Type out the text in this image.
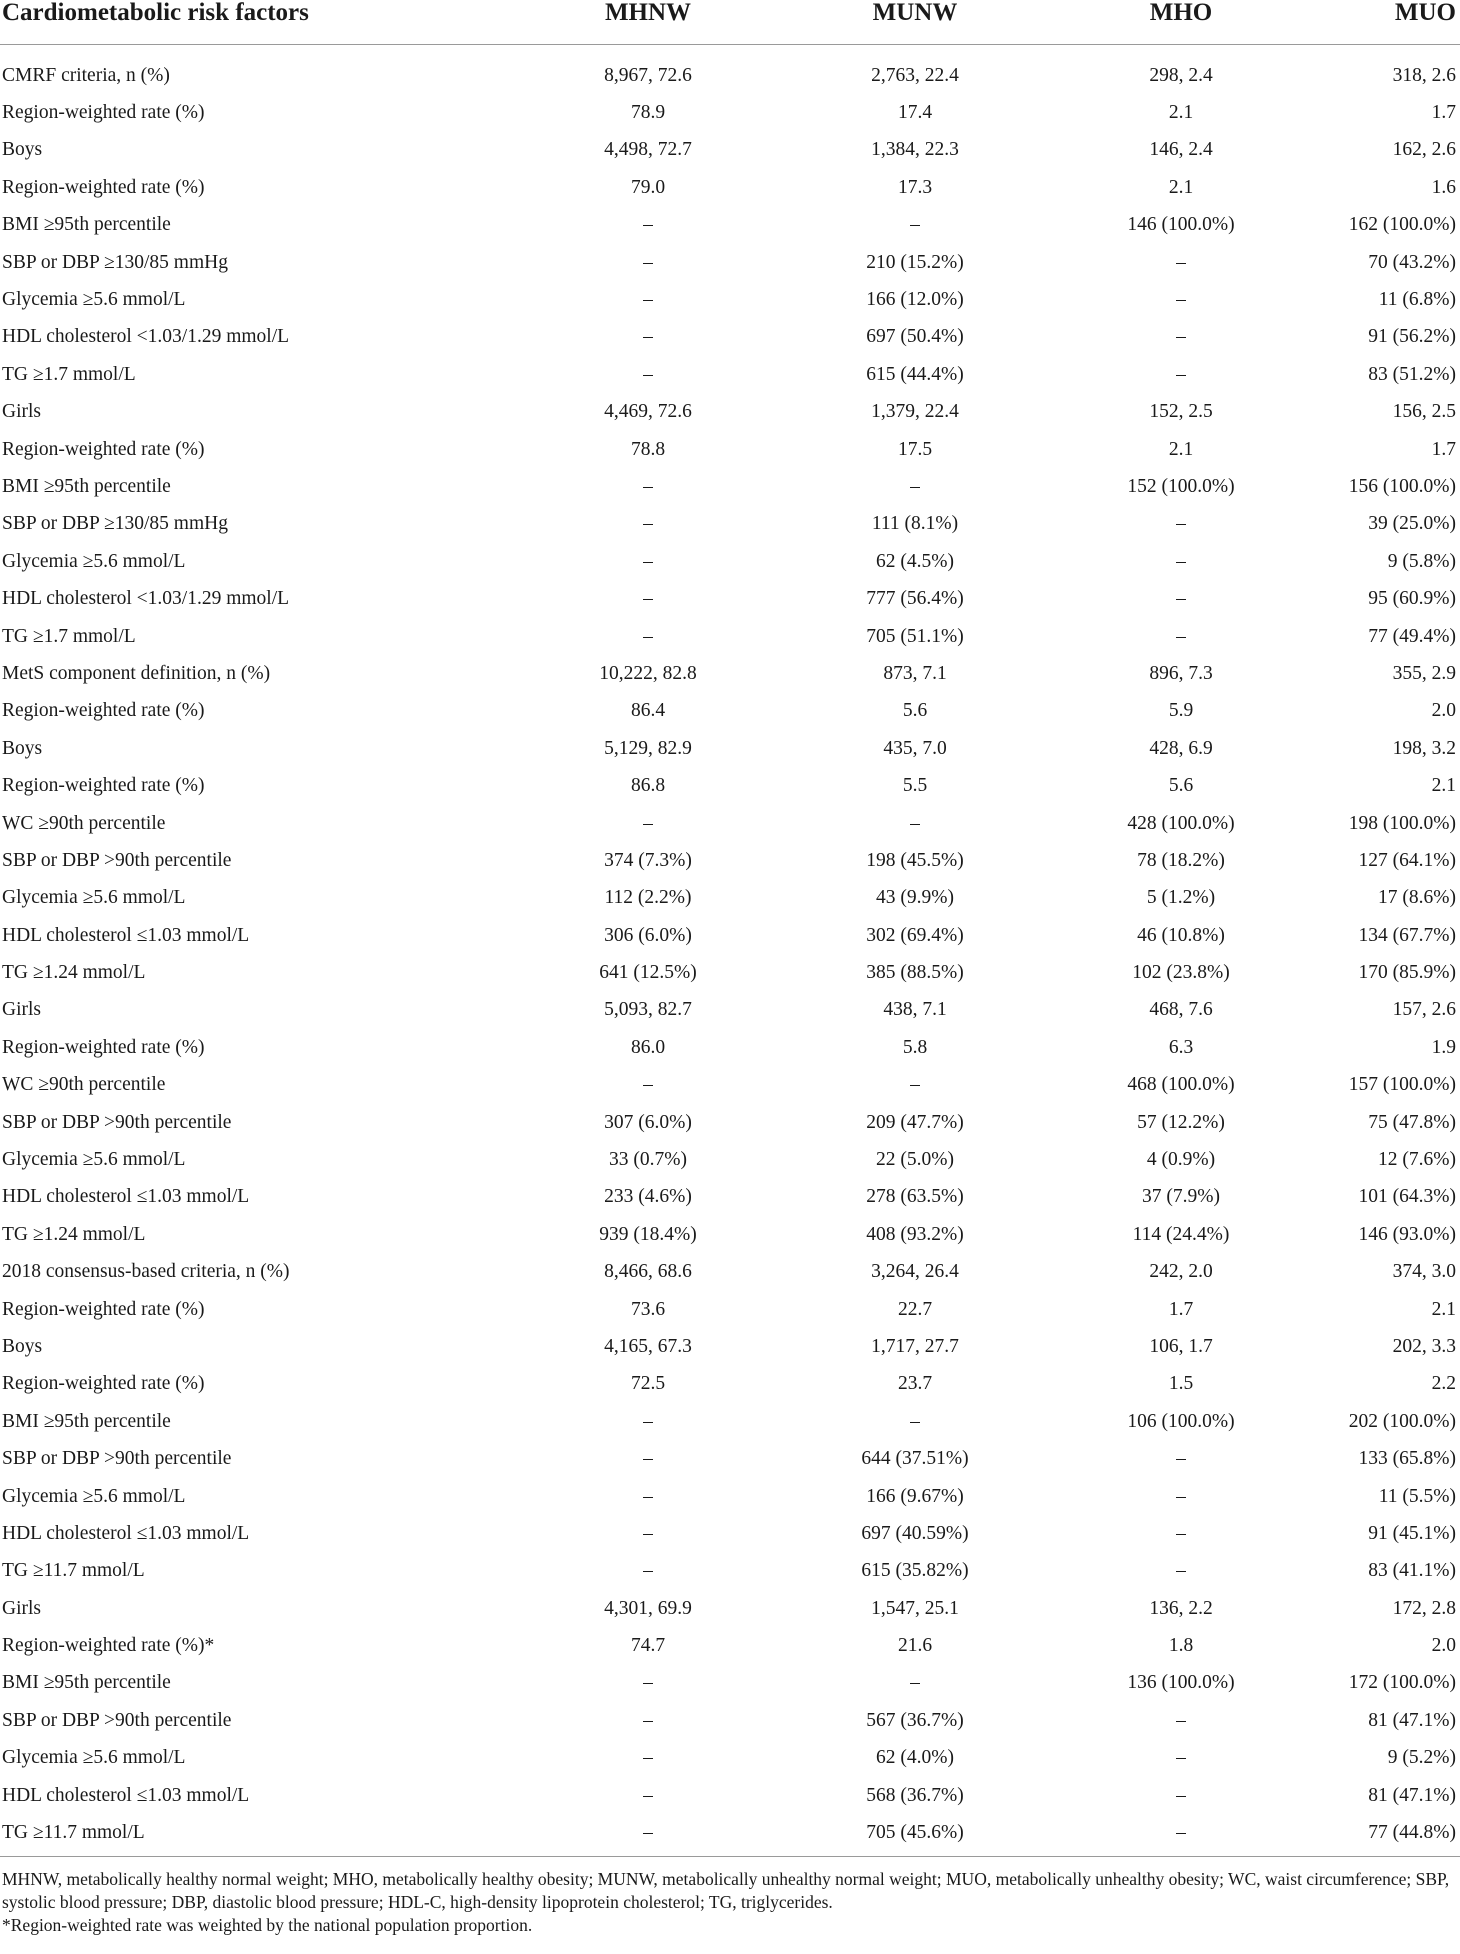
Cardiometabolic risk factors	MHNW	MUNW	MHO	MUO
CMRF criteria, n (%)	8,967, 72.6	2,763, 22.4	298, 2.4	318, 2.6
Region-weighted rate (%)	78.9	17.4	2.1	1.7
Boys	4,498, 72.7	1,384, 22.3	146, 2.4	162, 2.6
Region-weighted rate (%)	79.0	17.3	2.1	1.6
BMI ≥95th percentile	–	–	146 (100.0%)	162 (100.0%)
SBP or DBP ≥130/85 mmHg	–	210 (15.2%)	–	70 (43.2%)
Glycemia ≥5.6 mmol/L	–	166 (12.0%)	–	11 (6.8%)
HDL cholesterol <1.03/1.29 mmol/L	–	697 (50.4%)	–	91 (56.2%)
TG ≥1.7 mmol/L	–	615 (44.4%)	–	83 (51.2%)
Girls	4,469, 72.6	1,379, 22.4	152, 2.5	156, 2.5
Region-weighted rate (%)	78.8	17.5	2.1	1.7
BMI ≥95th percentile	–	–	152 (100.0%)	156 (100.0%)
SBP or DBP ≥130/85 mmHg	–	111 (8.1%)	–	39 (25.0%)
Glycemia ≥5.6 mmol/L	–	62 (4.5%)	–	9 (5.8%)
HDL cholesterol <1.03/1.29 mmol/L	–	777 (56.4%)	–	95 (60.9%)
TG ≥1.7 mmol/L	–	705 (51.1%)	–	77 (49.4%)
MetS component definition, n (%)	10,222, 82.8	873, 7.1	896, 7.3	355, 2.9
Region-weighted rate (%)	86.4	5.6	5.9	2.0
Boys	5,129, 82.9	435, 7.0	428, 6.9	198, 3.2
Region-weighted rate (%)	86.8	5.5	5.6	2.1
WC ≥90th percentile	–	–	428 (100.0%)	198 (100.0%)
SBP or DBP >90th percentile	374 (7.3%)	198 (45.5%)	78 (18.2%)	127 (64.1%)
Glycemia ≥5.6 mmol/L	112 (2.2%)	43 (9.9%)	5 (1.2%)	17 (8.6%)
HDL cholesterol ≤1.03 mmol/L	306 (6.0%)	302 (69.4%)	46 (10.8%)	134 (67.7%)
TG ≥1.24 mmol/L	641 (12.5%)	385 (88.5%)	102 (23.8%)	170 (85.9%)
Girls	5,093, 82.7	438, 7.1	468, 7.6	157, 2.6
Region-weighted rate (%)	86.0	5.8	6.3	1.9
WC ≥90th percentile	–	–	468 (100.0%)	157 (100.0%)
SBP or DBP >90th percentile	307 (6.0%)	209 (47.7%)	57 (12.2%)	75 (47.8%)
Glycemia ≥5.6 mmol/L	33 (0.7%)	22 (5.0%)	4 (0.9%)	12 (7.6%)
HDL cholesterol ≤1.03 mmol/L	233 (4.6%)	278 (63.5%)	37 (7.9%)	101 (64.3%)
TG ≥1.24 mmol/L	939 (18.4%)	408 (93.2%)	114 (24.4%)	146 (93.0%)
2018 consensus-based criteria, n (%)	8,466, 68.6	3,264, 26.4	242, 2.0	374, 3.0
Region-weighted rate (%)	73.6	22.7	1.7	2.1
Boys	4,165, 67.3	1,717, 27.7	106, 1.7	202, 3.3
Region-weighted rate (%)	72.5	23.7	1.5	2.2
BMI ≥95th percentile	–	–	106 (100.0%)	202 (100.0%)
SBP or DBP >90th percentile	–	644 (37.51%)	–	133 (65.8%)
Glycemia ≥5.6 mmol/L	–	166 (9.67%)	–	11 (5.5%)
HDL cholesterol ≤1.03 mmol/L	–	697 (40.59%)	–	91 (45.1%)
TG ≥11.7 mmol/L	–	615 (35.82%)	–	83 (41.1%)
Girls	4,301, 69.9	1,547, 25.1	136, 2.2	172, 2.8
Region-weighted rate (%)*	74.7	21.6	1.8	2.0
BMI ≥95th percentile	–	–	136 (100.0%)	172 (100.0%)
SBP or DBP >90th percentile	–	567 (36.7%)	–	81 (47.1%)
Glycemia ≥5.6 mmol/L	–	62 (4.0%)	–	9 (5.2%)
HDL cholesterol ≤1.03 mmol/L	–	568 (36.7%)	–	81 (47.1%)
TG ≥11.7 mmol/L	–	705 (45.6%)	–	77 (44.8%)

MHNW, metabolically healthy normal weight; MHO, metabolically healthy obesity; MUNW, metabolically unhealthy normal weight; MUO, metabolically unhealthy obesity; WC, waist circumference; SBP, systolic blood pressure; DBP, diastolic blood pressure; HDL-C, high-density lipoprotein cholesterol; TG, triglycerides.

*Region-weighted rate was weighted by the national population proportion.
